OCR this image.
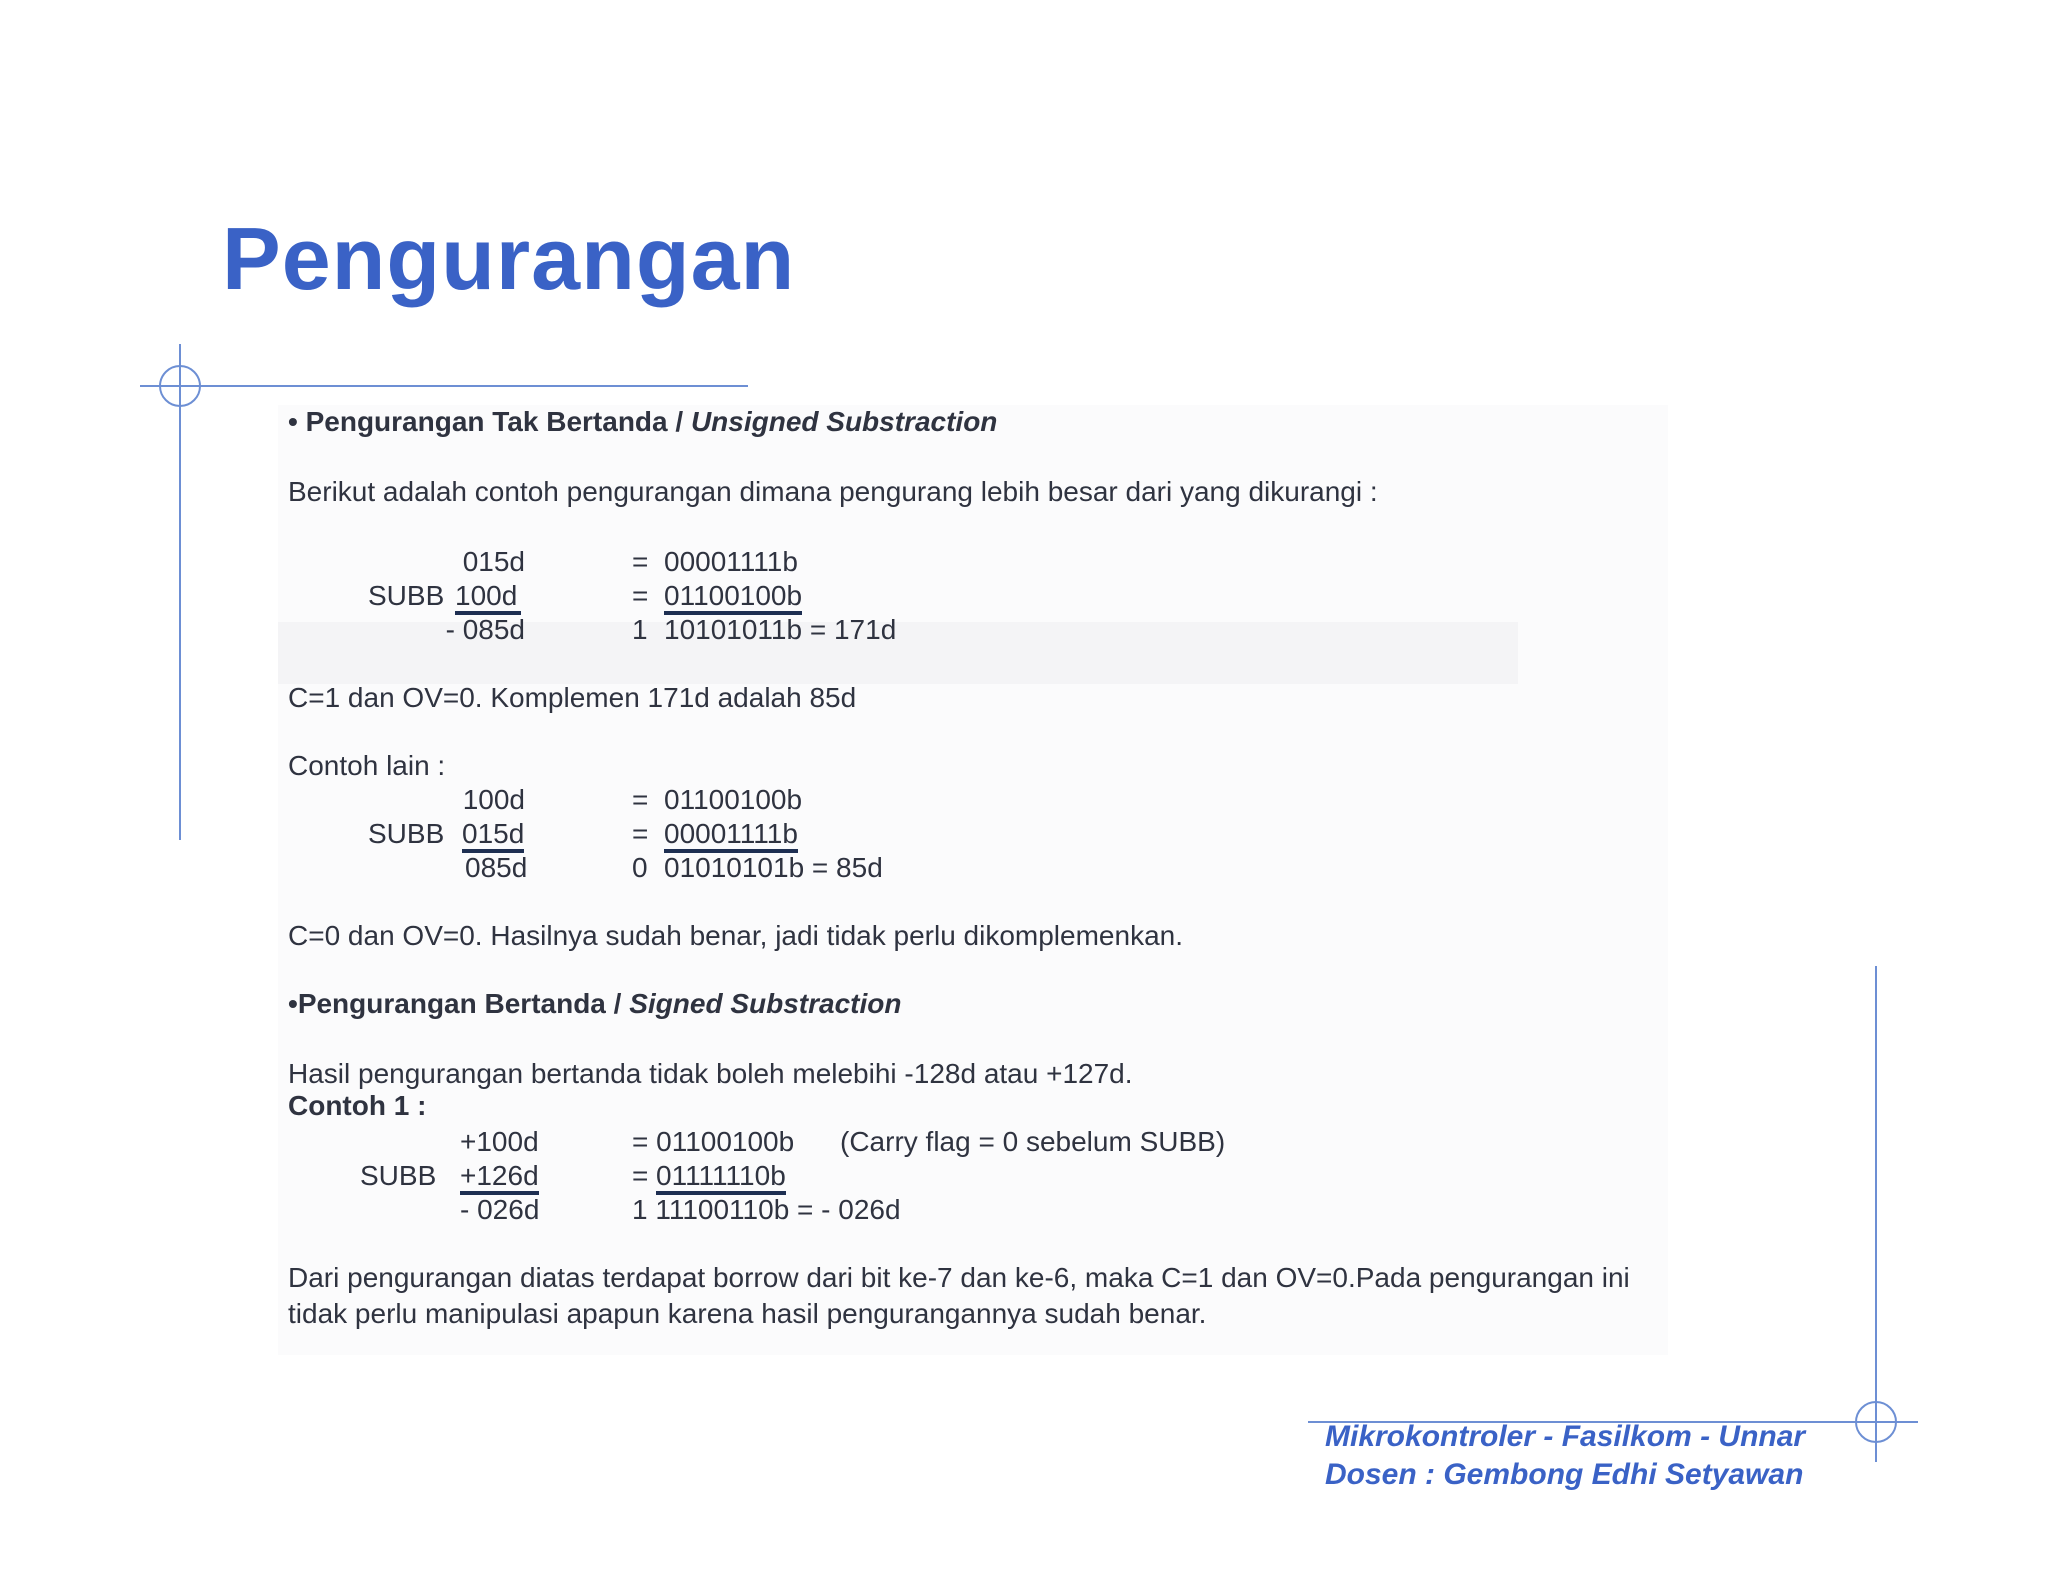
Pengurangan
• Pengurangan Tak Bertanda / Unsigned Substraction
Berikut adalah contoh pengurangan dimana pengurang lebih besar dari yang dikurangi :
015d	= 00001111b
SUBB 100d	= 01100100b
- 085d	1 10101011b = 171d
C=1 dan OV=0. Komplemen 171d adalah 85d
Contoh lain :
100d	= 01100100b
SUBB 015d	= 00001111b
085d	0 01010101b = 85d
C=0 dan OV=0. Hasilnya sudah benar, jadi tidak perlu dikomplemenkan.
•Pengurangan Bertanda / Signed Substraction
Hasil pengurangan bertanda tidak boleh melebihi -128d atau +127d.
Contoh 1 :
+100d	= 01100100b (Carry flag = 0 sebelum SUBB)
SUBB +126d	= 01111110b
- 026d	1 11100110b = - 026d
Dari pengurangan diatas terdapat borrow dari bit ke-7 dan ke-6, maka C=1 dan OV=0.Pada pengurangan ini
tidak perlu manipulasi apapun karena hasil pengurangannya sudah benar.
Mikrokontroler - Fasilkom - Unnar
Dosen : Gembong Edhi Setyawan
